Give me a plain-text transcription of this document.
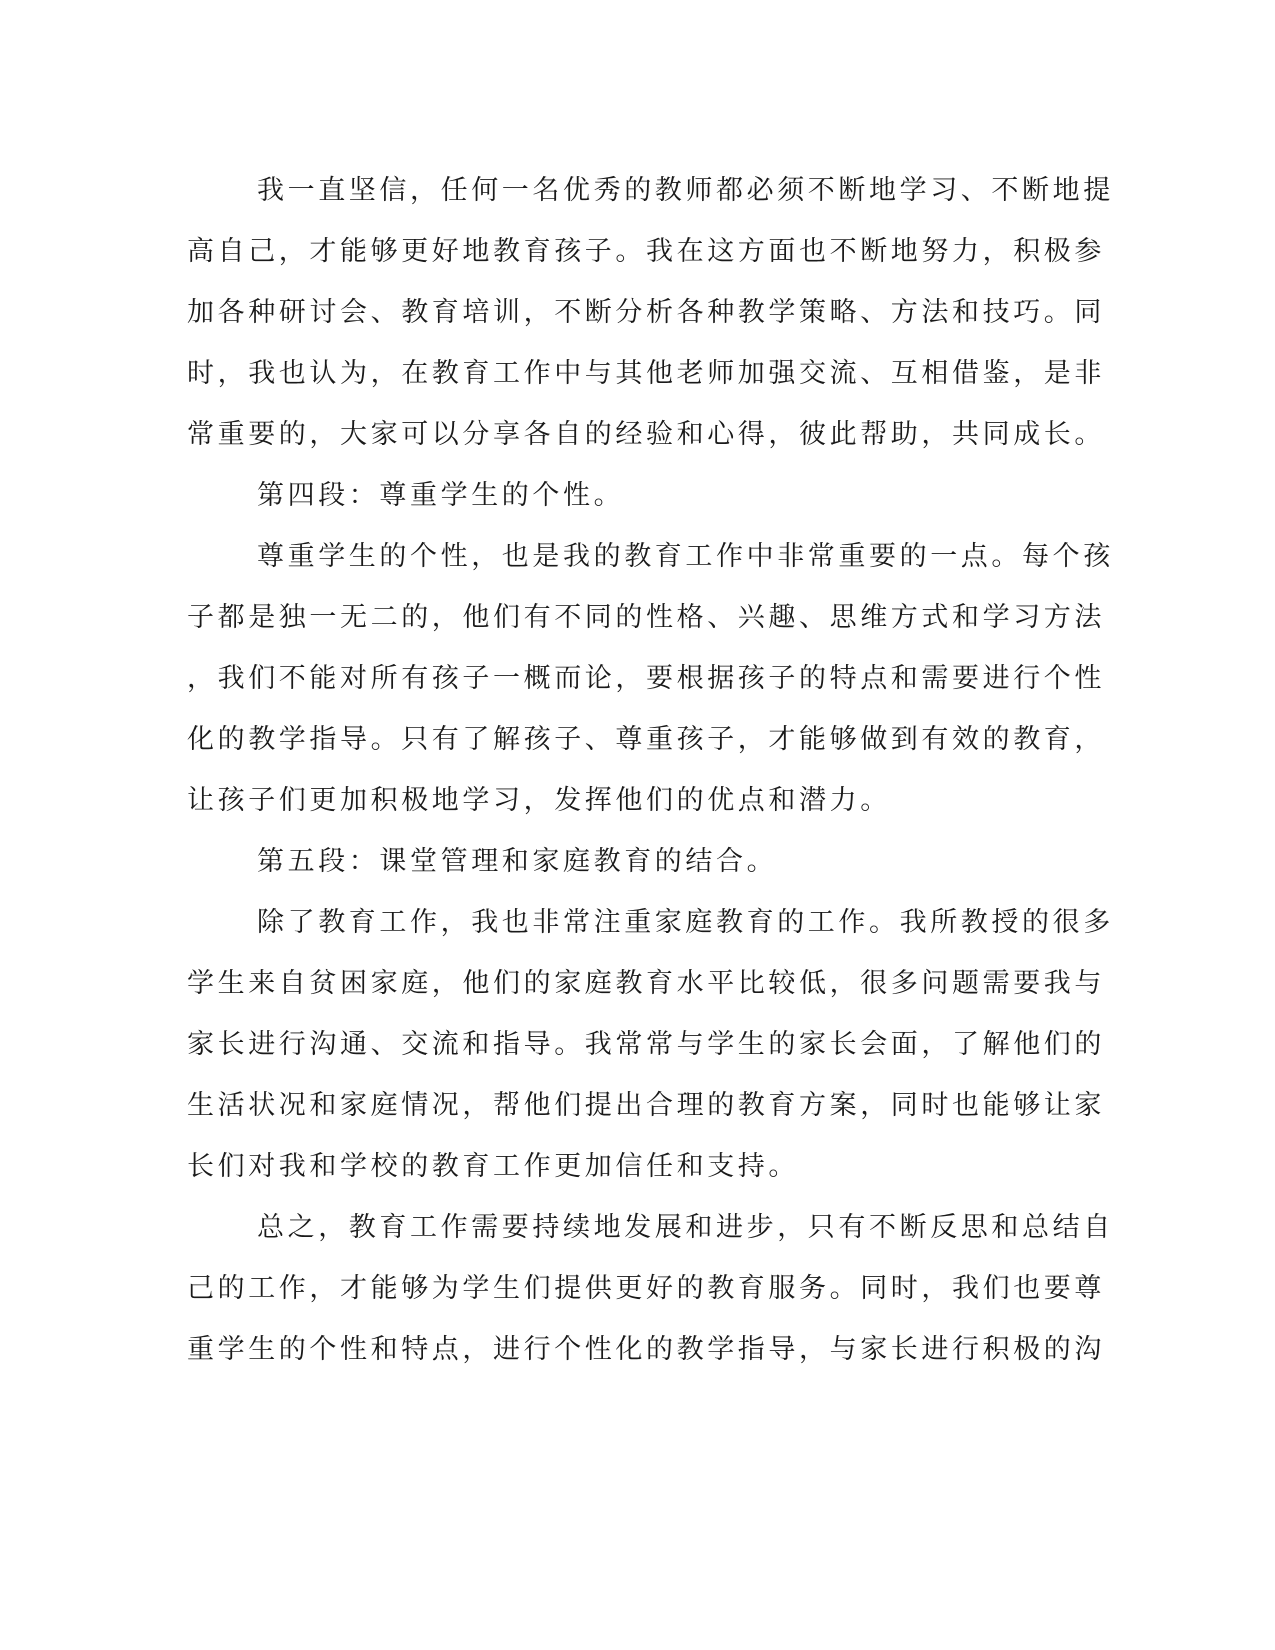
我一直坚信，任何一名优秀的教师都必须不断地学习、不断地提
高自己，才能够更好地教育孩子。我在这方面也不断地努力，积极参
加各种研讨会、教育培训，不断分析各种教学策略、方法和技巧。同
时，我也认为，在教育工作中与其他老师加强交流、互相借鉴，是非
常重要的，大家可以分享各自的经验和心得，彼此帮助，共同成长。
第四段：尊重学生的个性。
尊重学生的个性，也是我的教育工作中非常重要的一点。每个孩
子都是独一无二的，他们有不同的性格、兴趣、思维方式和学习方法
，我们不能对所有孩子一概而论，要根据孩子的特点和需要进行个性
化的教学指导。只有了解孩子、尊重孩子，才能够做到有效的教育，
让孩子们更加积极地学习，发挥他们的优点和潜力。
第五段：课堂管理和家庭教育的结合。
除了教育工作，我也非常注重家庭教育的工作。我所教授的很多
学生来自贫困家庭，他们的家庭教育水平比较低，很多问题需要我与
家长进行沟通、交流和指导。我常常与学生的家长会面，了解他们的
生活状况和家庭情况，帮他们提出合理的教育方案，同时也能够让家
长们对我和学校的教育工作更加信任和支持。
总之，教育工作需要持续地发展和进步，只有不断反思和总结自
己的工作，才能够为学生们提供更好的教育服务。同时，我们也要尊
重学生的个性和特点，进行个性化的教学指导，与家长进行积极的沟
